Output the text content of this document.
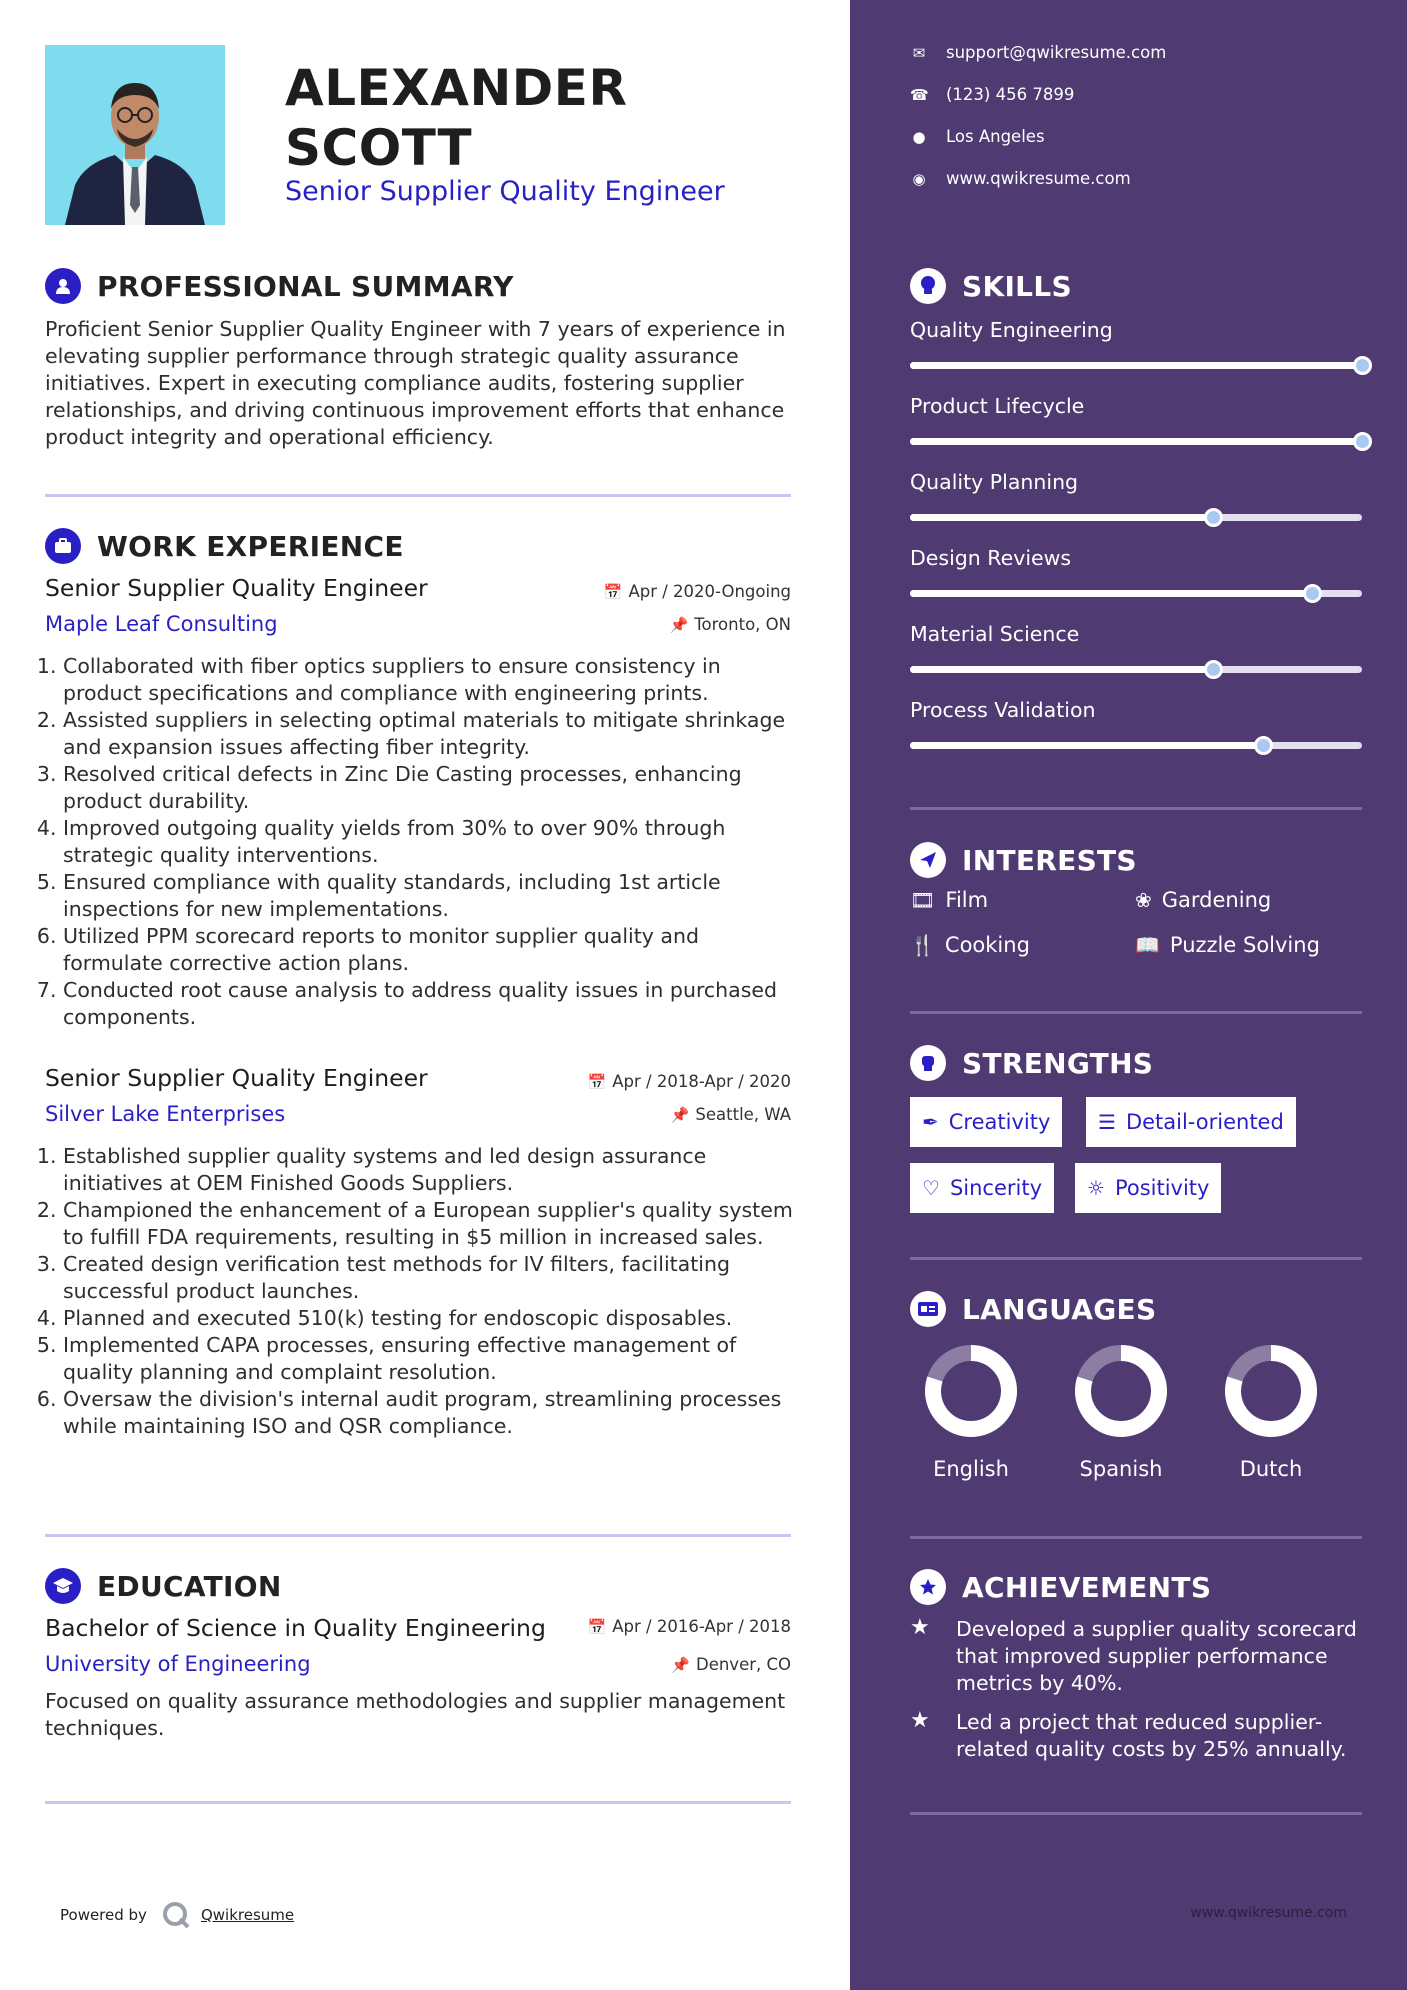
ALEXANDER
SCOTT
Senior Supplier Quality Engineer
PROFESSIONAL SUMMARY
Proficient Senior Supplier Quality Engineer with 7 years of experience in elevating supplier performance through strategic quality assurance initiatives. Expert in executing compliance audits, fostering supplier relationships, and driving continuous improvement efforts that enhance product integrity and operational efficiency.
WORK EXPERIENCE
Senior Supplier Quality Engineer	📅 Apr / 2020-Ongoing
Maple Leaf Consulting	📌 Toronto, ON
1. Collaborated with fiber optics suppliers to ensure consistency in product specifications and compliance with engineering prints.
2. Assisted suppliers in selecting optimal materials to mitigate shrinkage and expansion issues affecting fiber integrity.
3. Resolved critical defects in Zinc Die Casting processes, enhancing product durability.
4. Improved outgoing quality yields from 30% to over 90% through strategic quality interventions.
5. Ensured compliance with quality standards, including 1st article inspections for new implementations.
6. Utilized PPM scorecard reports to monitor supplier quality and formulate corrective action plans.
7. Conducted root cause analysis to address quality issues in purchased components.
Senior Supplier Quality Engineer	📅 Apr / 2018-Apr / 2020
Silver Lake Enterprises	📌 Seattle, WA
1. Established supplier quality systems and led design assurance initiatives at OEM Finished Goods Suppliers.
2. Championed the enhancement of a European supplier's quality system to fulfill FDA requirements, resulting in $5 million in increased sales.
3. Created design verification test methods for IV filters, facilitating successful product launches.
4. Planned and executed 510(k) testing for endoscopic disposables.
5. Implemented CAPA processes, ensuring effective management of quality planning and complaint resolution.
6. Oversaw the division's internal audit program, streamlining processes while maintaining ISO and QSR compliance.
EDUCATION
Bachelor of Science in Quality Engineering	📅 Apr / 2016-Apr / 2018
University of Engineering	📌 Denver, CO
Focused on quality assurance methodologies and supplier management techniques.
Powered by	Qwikresume
✉ support@qwikresume.com
☎ (123) 456 7899
● Los Angeles
◉ www.qwikresume.com
SKILLS
Quality Engineering
Product Lifecycle
Quality Planning
Design Reviews
Material Science
Process Validation
INTERESTS
🎞 Film	❀ Gardening
🍴 Cooking	📖 Puzzle Solving
STRENGTHS
✒ Creativity ☰ Detail-oriented
♡ Sincerity ☼ Positivity
LANGUAGES
English	Spanish	Dutch
ACHIEVEMENTS
★	Developed a supplier quality scorecard that improved supplier performance metrics by 40%.
★	Led a project that reduced supplier-related quality costs by 25% annually.
www.qwikresume.com
